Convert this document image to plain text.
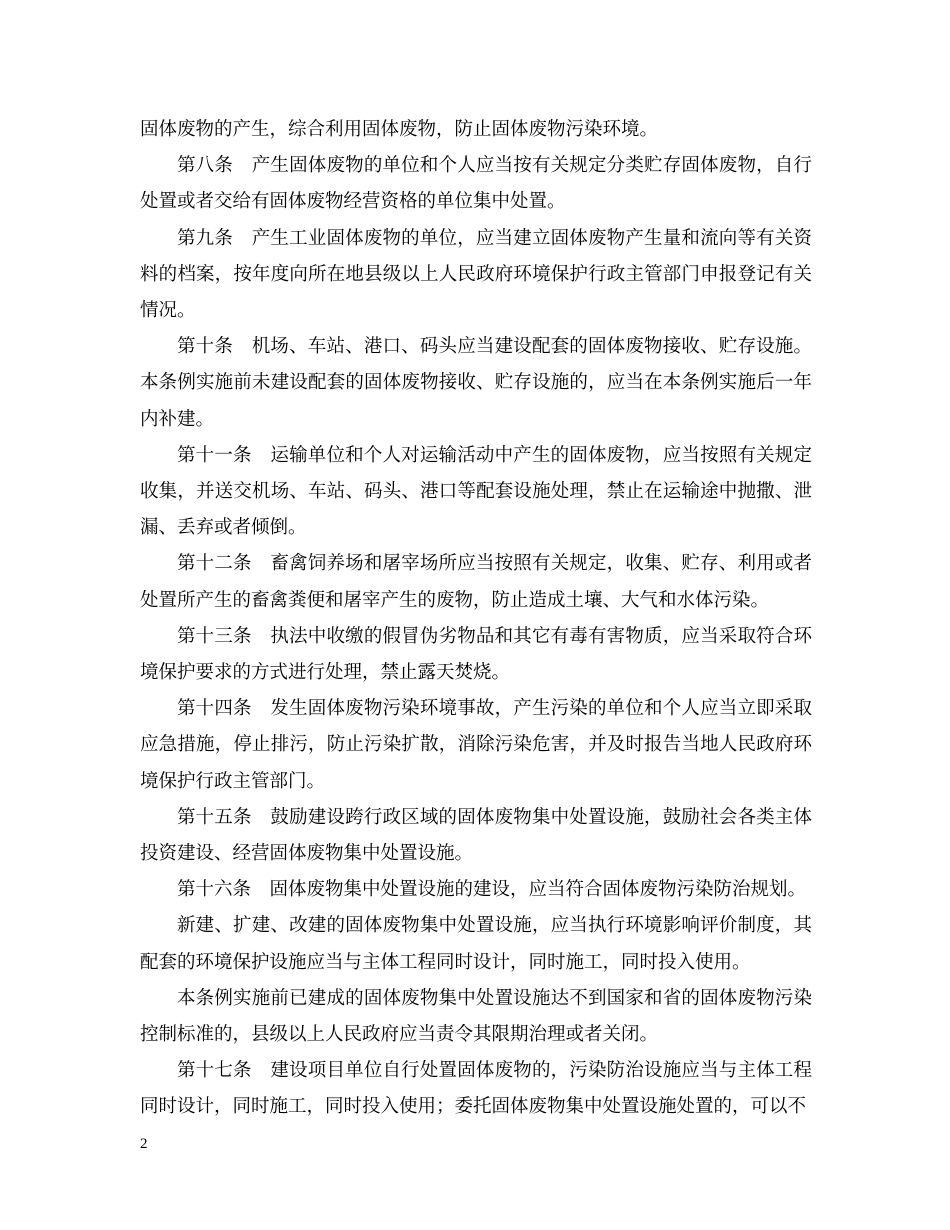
固体废物的产生，综合利用固体废物，防止固体废物污染环境。

第八条　产生固体废物的单位和个人应当按有关规定分类贮存固体废物，自行处置或者交给有固体废物经营资格的单位集中处置。

第九条　产生工业固体废物的单位，应当建立固体废物产生量和流向等有关资料的档案，按年度向所在地县级以上人民政府环境保护行政主管部门申报登记有关情况。

第十条　机场、车站、港口、码头应当建设配套的固体废物接收、贮存设施。本条例实施前未建设配套的固体废物接收、贮存设施的，应当在本条例实施后一年内补建。

第十一条　运输单位和个人对运输活动中产生的固体废物，应当按照有关规定收集，并送交机场、车站、码头、港口等配套设施处理，禁止在运输途中抛撒、泄漏、丢弃或者倾倒。

第十二条　畜禽饲养场和屠宰场所应当按照有关规定，收集、贮存、利用或者处置所产生的畜禽粪便和屠宰产生的废物，防止造成土壤、大气和水体污染。

第十三条　执法中收缴的假冒伪劣物品和其它有毒有害物质，应当采取符合环境保护要求的方式进行处理，禁止露天焚烧。

第十四条　发生固体废物污染环境事故，产生污染的单位和个人应当立即采取应急措施，停止排污，防止污染扩散，消除污染危害，并及时报告当地人民政府环境保护行政主管部门。

第十五条　鼓励建设跨行政区域的固体废物集中处置设施，鼓励社会各类主体投资建设、经营固体废物集中处置设施。

第十六条　固体废物集中处置设施的建设，应当符合固体废物污染防治规划。

新建、扩建、改建的固体废物集中处置设施，应当执行环境影响评价制度，其配套的环境保护设施应当与主体工程同时设计，同时施工，同时投入使用。

本条例实施前已建成的固体废物集中处置设施达不到国家和省的固体废物污染控制标准的，县级以上人民政府应当责令其限期治理或者关闭。

第十七条　建设项目单位自行处置固体废物的，污染防治设施应当与主体工程同时设计，同时施工，同时投入使用；委托固体废物集中处置设施处置的，可以不

2
